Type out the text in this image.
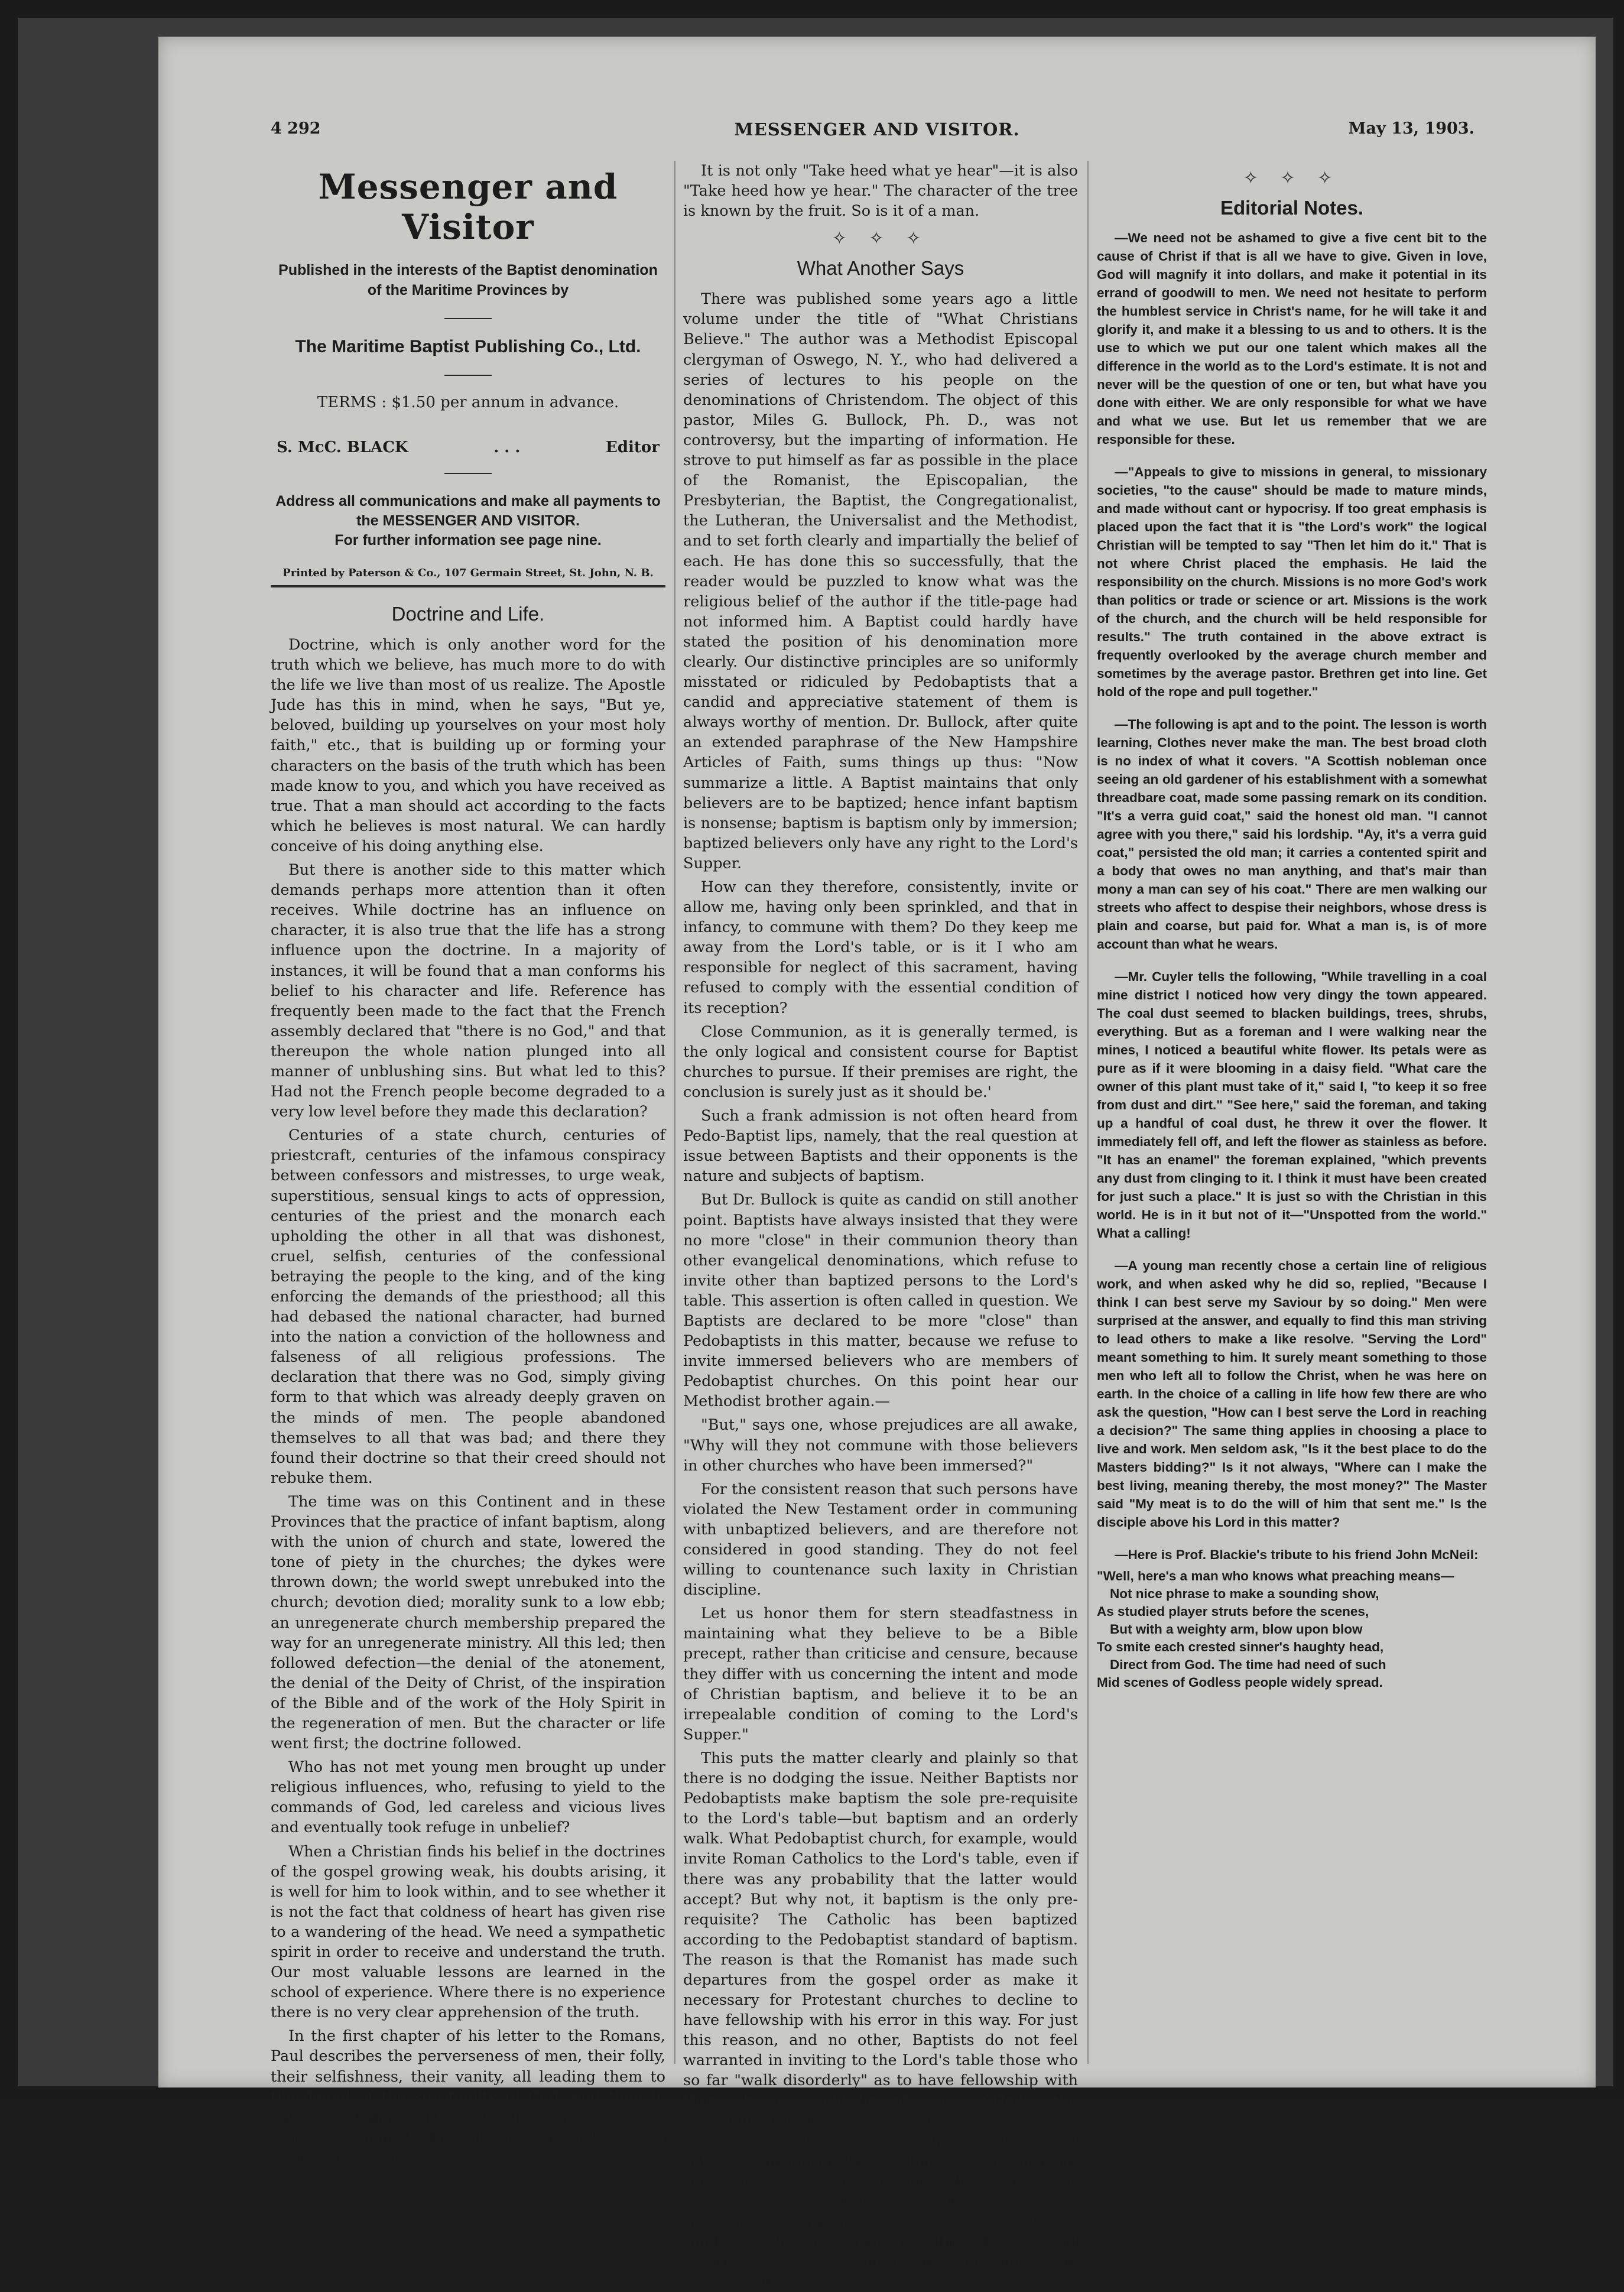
4 292	MESSENGER AND VISITOR.	May 13, 1903.
Messenger and Visitor
Published in the interests of the Baptist denomination of the Maritime Provinces by
The Maritime Baptist Publishing Co., Ltd.
TERMS : $1.50 per annum in advance.
S. McC. BLACK	. . .	Editor
Address all communications and make all payments to the MESSENGER AND VISITOR.
For further information see page nine.
Printed by Paterson & Co., 107 Germain Street, St. John, N. B.
Doctrine and Life.

Doctrine, which is only another word for the truth which we believe, has much more to do with the life we live than most of us realize. The Apostle Jude has this in mind, when he says, "But ye, beloved, building up yourselves on your most holy faith," etc., that is building up or forming your characters on the basis of the truth which has been made know to you, and which you have received as true. That a man should act according to the facts which he believes is most natural. We can hardly conceive of his doing anything else.

But there is another side to this matter which demands perhaps more attention than it often receives. While doctrine has an influence on character, it is also true that the life has a strong influence upon the doctrine. In a majority of instances, it will be found that a man conforms his belief to his character and life. Reference has frequently been made to the fact that the French assembly declared that "there is no God," and that thereupon the whole nation plunged into all manner of unblushing sins. But what led to this? Had not the French people become degraded to a very low level before they made this declaration?

Centuries of a state church, centuries of priestcraft, centuries of the infamous conspiracy between confessors and mistresses, to urge weak, superstitious, sensual kings to acts of oppression, centuries of the priest and the monarch each upholding the other in all that was dishonest, cruel, selfish, centuries of the confessional betraying the people to the king, and of the king enforcing the demands of the priesthood; all this had debased the national character, had burned into the nation a conviction of the hollowness and falseness of all religious professions. The declaration that there was no God, simply giving form to that which was already deeply graven on the minds of men. The people abandoned themselves to all that was bad; and there they found their doctrine so that their creed should not rebuke them.

The time was on this Continent and in these Provinces that the practice of infant baptism, along with the union of church and state, lowered the tone of piety in the churches; the dykes were thrown down; the world swept unrebuked into the church; devotion died; morality sunk to a low ebb; an unregenerate church membership prepared the way for an unregenerate ministry. All this led; then followed defection—the denial of the atonement, the denial of the Deity of Christ, of the inspiration of the Bible and of the work of the Holy Spirit in the regeneration of men. But the character or life went first; the doctrine followed.

Who has not met young men brought up under religious influences, who, refusing to yield to the commands of God, led careless and vicious lives and eventually took refuge in unbelief?

When a Christian finds his belief in the doctrines of the gospel growing weak, his doubts arising, it is well for him to look within, and to see whether it is not the fact that coldness of heart has given rise to a wandering of the head. We need a sympathetic spirit in order to receive and understand the truth. Our most valuable lessons are learned in the school of experience. Where there is no experience there is no very clear apprehension of the truth.

In the first chapter of his letter to the Romans, Paul describes the perverseness of men, their folly, their selfishness, their vanity, all leading them to the denial of the spirituality of God, and then in turn this denial reacting on their characters and rendering them doubly vile. But degradations of character led the way.

It is not only "Take heed what ye hear"—it is also "Take heed how ye hear." The character of the tree is known by the fruit. So is it of a man.

✧ ✧ ✧
What Another Says

There was published some years ago a little volume under the title of "What Christians Believe." The author was a Methodist Episcopal clergyman of Oswego, N. Y., who had delivered a series of lectures to his people on the denominations of Christendom. The object of this pastor, Miles G. Bullock, Ph. D., was not controversy, but the imparting of information. He strove to put himself as far as possible in the place of the Romanist, the Episcopalian, the Presbyterian, the Baptist, the Congregationalist, the Lutheran, the Universalist and the Methodist, and to set forth clearly and impartially the belief of each. He has done this so successfully, that the reader would be puzzled to know what was the religious belief of the author if the title-page had not informed him. A Baptist could hardly have stated the position of his denomination more clearly. Our distinctive principles are so uniformly misstated or ridiculed by Pedobaptists that a candid and appreciative statement of them is always worthy of mention. Dr. Bullock, after quite an extended paraphrase of the New Hampshire Articles of Faith, sums things up thus: "Now summarize a little. A Baptist maintains that only believers are to be baptized; hence infant baptism is nonsense; baptism is baptism only by immersion; baptized believers only have any right to the Lord's Supper.

How can they therefore, consistently, invite or allow me, having only been sprinkled, and that in infancy, to commune with them? Do they keep me away from the Lord's table, or is it I who am responsible for neglect of this sacrament, having refused to comply with the essential condition of its reception?

Close Communion, as it is generally termed, is the only logical and consistent course for Baptist churches to pursue. If their premises are right, the conclusion is surely just as it should be.'

Such a frank admission is not often heard from Pedo-Baptist lips, namely, that the real question at issue between Baptists and their opponents is the nature and subjects of baptism.

But Dr. Bullock is quite as candid on still another point. Baptists have always insisted that they were no more "close" in their communion theory than other evangelical denominations, which refuse to invite other than baptized persons to the Lord's table. This assertion is often called in question. We Baptists are declared to be more "close" than Pedobaptists in this matter, because we refuse to invite immersed believers who are members of Pedobaptist churches. On this point hear our Methodist brother again.—

"But," says one, whose prejudices are all awake, "Why will they not commune with those believers in other churches who have been immersed?"

For the consistent reason that such persons have violated the New Testament order in communing with unbaptized believers, and are therefore not considered in good standing. They do not feel willing to countenance such laxity in Christian discipline.

Let us honor them for stern steadfastness in maintaining what they believe to be a Bible precept, rather than criticise and censure, because they differ with us concerning the intent and mode of Christian baptism, and believe it to be an irrepealable condition of coming to the Lord's Supper."

This puts the matter clearly and plainly so that there is no dodging the issue. Neither Baptists nor Pedobaptists make baptism the sole pre-requisite to the Lord's table—but baptism and an orderly walk. What Pedobaptist church, for example, would invite Roman Catholics to the Lord's table, even if there was any probability that the latter would accept? But why not, it baptism is the only pre-requisite? The Catholic has been baptized according to the Pedobaptist standard of baptism. The reason is that the Romanist has made such departures from the gospel order as make it necessary for Protestant churches to decline to have fellowship with his error in this way. For just this reason, and no other, Baptists do not feel warranted in inviting to the Lord's table those who so far "walk disorderly" as to have fellowship with those who make void the ordinances of God by the traditions of men. In this respect, as in all others, Baptists are just as 'close' as other Christians, and not one whit closer. One Pedobaptist, at least has had the wit to see it and the fairness to acknowledge it. That he should have many imitators it is only reasonable to expect after so much light has been shed upon this question. And yet the darkness that obtains in some quarters is deep and dense.

✧ ✧ ✧
Editorial Notes.

—We need not be ashamed to give a five cent bit to the cause of Christ if that is all we have to give. Given in love, God will magnify it into dollars, and make it potential in its errand of goodwill to men. We need not hesitate to perform the humblest service in Christ's name, for he will take it and glorify it, and make it a blessing to us and to others. It is the use to which we put our one talent which makes all the difference in the world as to the Lord's estimate. It is not and never will be the question of one or ten, but what have you done with either. We are only responsible for what we have and what we use. But let us remember that we are responsible for these.

—"Appeals to give to missions in general, to missionary societies, "to the cause" should be made to mature minds, and made without cant or hypocrisy. If too great emphasis is placed upon the fact that it is "the Lord's work" the logical Christian will be tempted to say "Then let him do it." That is not where Christ placed the emphasis. He laid the responsibility on the church. Missions is no more God's work than politics or trade or science or art. Missions is the work of the church, and the church will be held responsible for results." The truth contained in the above extract is frequently overlooked by the average church member and sometimes by the average pastor. Brethren get into line. Get hold of the rope and pull together."

—The following is apt and to the point. The lesson is worth learning, Clothes never make the man. The best broad cloth is no index of what it covers. "A Scottish nobleman once seeing an old gardener of his establishment with a somewhat threadbare coat, made some passing remark on its condition. "It's a verra guid coat," said the honest old man. "I cannot agree with you there," said his lordship. "Ay, it's a verra guid coat," persisted the old man; it carries a contented spirit and a body that owes no man anything, and that's mair than mony a man can sey of his coat." There are men walking our streets who affect to despise their neighbors, whose dress is plain and coarse, but paid for. What a man is, is of more account than what he wears.

—Mr. Cuyler tells the following, "While travelling in a coal mine district I noticed how very dingy the town appeared. The coal dust seemed to blacken buildings, trees, shrubs, everything. But as a foreman and I were walking near the mines, I noticed a beautiful white flower. Its petals were as pure as if it were blooming in a daisy field. "What care the owner of this plant must take of it," said I, "to keep it so free from dust and dirt." "See here," said the foreman, and taking up a handful of coal dust, he threw it over the flower. It immediately fell off, and left the flower as stainless as before. "It has an enamel" the foreman explained, "which prevents any dust from clinging to it. I think it must have been created for just such a place." It is just so with the Christian in this world. He is in it but not of it—"Unspotted from the world." What a calling!

—A young man recently chose a certain line of religious work, and when asked why he did so, replied, "Because I think I can best serve my Saviour by so doing." Men were surprised at the answer, and equally to find this man striving to lead others to make a like resolve. "Serving the Lord" meant something to him. It surely meant something to those men who left all to follow the Christ, when he was here on earth. In the choice of a calling in life how few there are who ask the question, "How can I best serve the Lord in reaching a decision?" The same thing applies in choosing a place to live and work. Men seldom ask, "Is it the best place to do the Masters bidding?" Is it not always, "Where can I make the best living, meaning thereby, the most money?" The Master said "My meat is to do the will of him that sent me." Is the disciple above his Lord in this matter?

—Here is Prof. Blackie's tribute to his friend John McNeil:

"Well, here's a man who knows what preaching means—
Not nice phrase to make a sounding show,
As studied player struts before the scenes,
But with a weighty arm, blow upon blow
To smite each crested sinner's haughty head,
Direct from God. The time had need of such
Mid scenes of Godless people widely spread.
